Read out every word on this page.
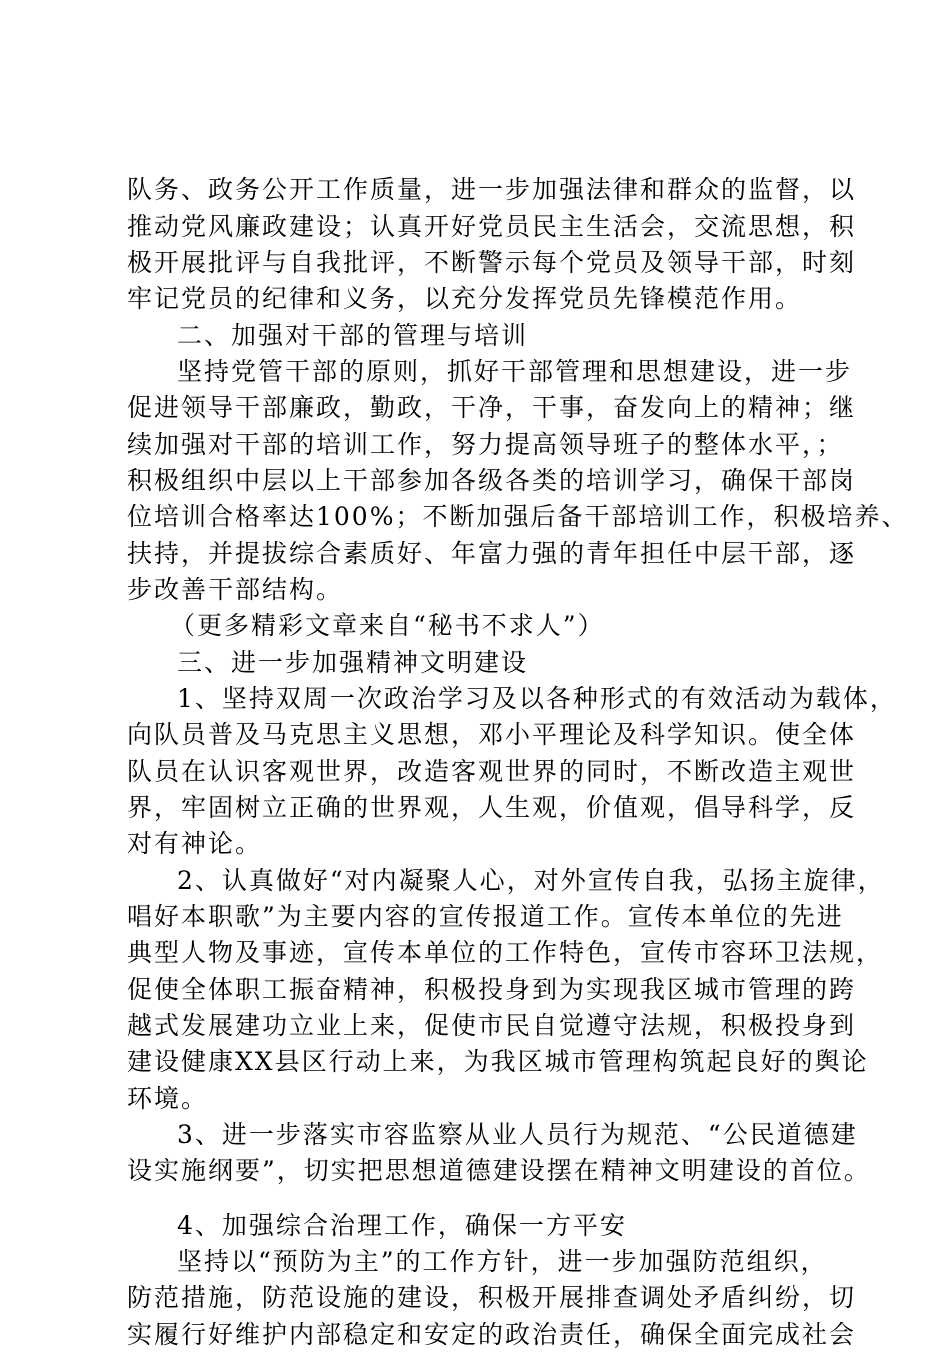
队务、政务公开工作质量，进一步加强法律和群众的监督，以
推动党风廉政建设；认真开好党员民主生活会，交流思想，积
极开展批评与自我批评，不断警示每个党员及领导干部，时刻
牢记党员的纪律和义务，以充分发挥党员先锋模范作用。
二、加强对干部的管理与培训
坚持党管干部的原则，抓好干部管理和思想建设，进一步
促进领导干部廉政，勤政，干净，干事，奋发向上的精神；继
续加强对干部的培训工作，努力提高领导班子的整体水平，；
积极组织中层以上干部参加各级各类的培训学习，确保干部岗
位培训合格率达100%；不断加强后备干部培训工作，积极培养、
扶持，并提拔综合素质好、年富力强的青年担任中层干部，逐
步改善干部结构。
（更多精彩文章来自“秘书不求人”）
三、进一步加强精神文明建设
1、坚持双周一次政治学习及以各种形式的有效活动为载体，
向队员普及马克思主义思想，邓小平理论及科学知识。使全体
队员在认识客观世界，改造客观世界的同时，不断改造主观世
界，牢固树立正确的世界观，人生观，价值观，倡导科学，反
对有神论。
2、认真做好“对内凝聚人心，对外宣传自我，弘扬主旋律，
唱好本职歌”为主要内容的宣传报道工作。宣传本单位的先进
典型人物及事迹，宣传本单位的工作特色，宣传市容环卫法规，
促使全体职工振奋精神，积极投身到为实现我区城市管理的跨
越式发展建功立业上来，促使市民自觉遵守法规，积极投身到
建设健康XX县区行动上来，为我区城市管理构筑起良好的舆论
环境。
3、进一步落实市容监察从业人员行为规范、“公民道德建
设实施纲要”，切实把思想道德建设摆在精神文明建设的首位。
4、加强综合治理工作，确保一方平安
坚持以“预防为主”的工作方针，进一步加强防范组织，
防范措施，防范设施的建设，积极开展排查调处矛盾纠纷，切
实履行好维护内部稳定和安定的政治责任，确保全面完成社会
